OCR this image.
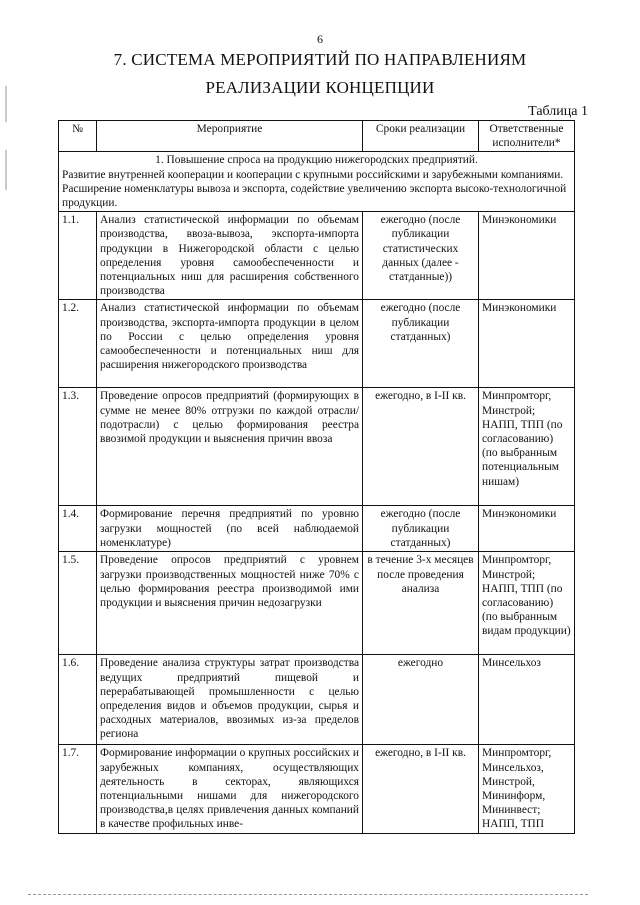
6
7. СИСТЕМА МЕРОПРИЯТИЙ ПО НАПРАВЛЕНИЯМ
РЕАЛИЗАЦИИ КОНЦЕПЦИИ
Таблица 1
№	Мероприятие	Сроки реализации	Ответственные исполнители*

1. Повышение спроса на продукцию нижегородских предприятий.
Развитие внутренней кооперации и кооперации с крупными российскими и зарубежными компаниями.
Расширение номенклатуры вывоза и экспорта, содействие увеличению экспорта высоко-технологичной продукции.			

1.1.	Анализ статистической информации по объемам производства, ввоза-вывоза, экспорта-импорта продукции в Нижегородской области с целью определения уровня самообеспеченности и потенциальных ниш для расширения собственного производства	ежегодно (после публикации статистических данных (далее - статданные))	Минэкономики
1.2.	Анализ статистической информации по объемам производства, экспорта-импорта продукции в целом по России с целью определения уровня самообеспеченности и потенциальных ниш для расширения нижегородского производства	ежегодно (после публикации статданных)	Минэкономики
1.3.	Проведение опросов предприятий (формирующих в сумме не менее 80% отгрузки по каждой отрасли/подотрасли) с целью формирования реестра ввозимой продукции и выяснения причин ввоза	ежегодно, в I-II кв.	Минпромторг, Минстрой; НАПП, ТПП (по согласованию) (по выбранным потенциальным нишам)
1.4.	Формирование перечня предприятий по уровню загрузки мощностей (по всей наблюдаемой номенклатуре)	ежегодно (после публикации статданных)	Минэкономики
1.5.	Проведение опросов предприятий с уровнем загрузки производственных мощностей ниже 70% с целью формирования реестра производимой ими продукции и выяснения причин недозагрузки	в течение 3-х месяцев после проведения анализа	Минпромторг, Минстрой; НАПП, ТПП (по согласованию) (по выбранным видам продукции)
1.6.	Проведение анализа структуры затрат производства ведущих предприятий пищевой и перерабатывающей промышленности с целью определения видов и объемов продукции, сырья и расходных материалов, ввозимых из-за пределов региона	ежегодно	Минсельхоз
1.7.	Формирование информации о крупных российских и зарубежных компаниях, осуществляющих деятельность в секторах, являющихся потенциальными нишами для нижегородского производства,в целях привлечения данных компаний в качестве профильных инве-	ежегодно, в I-II кв.	Минпромторг, Минсельхоз, Минстрой, Мининформ, Мининвест; НАПП, ТПП
